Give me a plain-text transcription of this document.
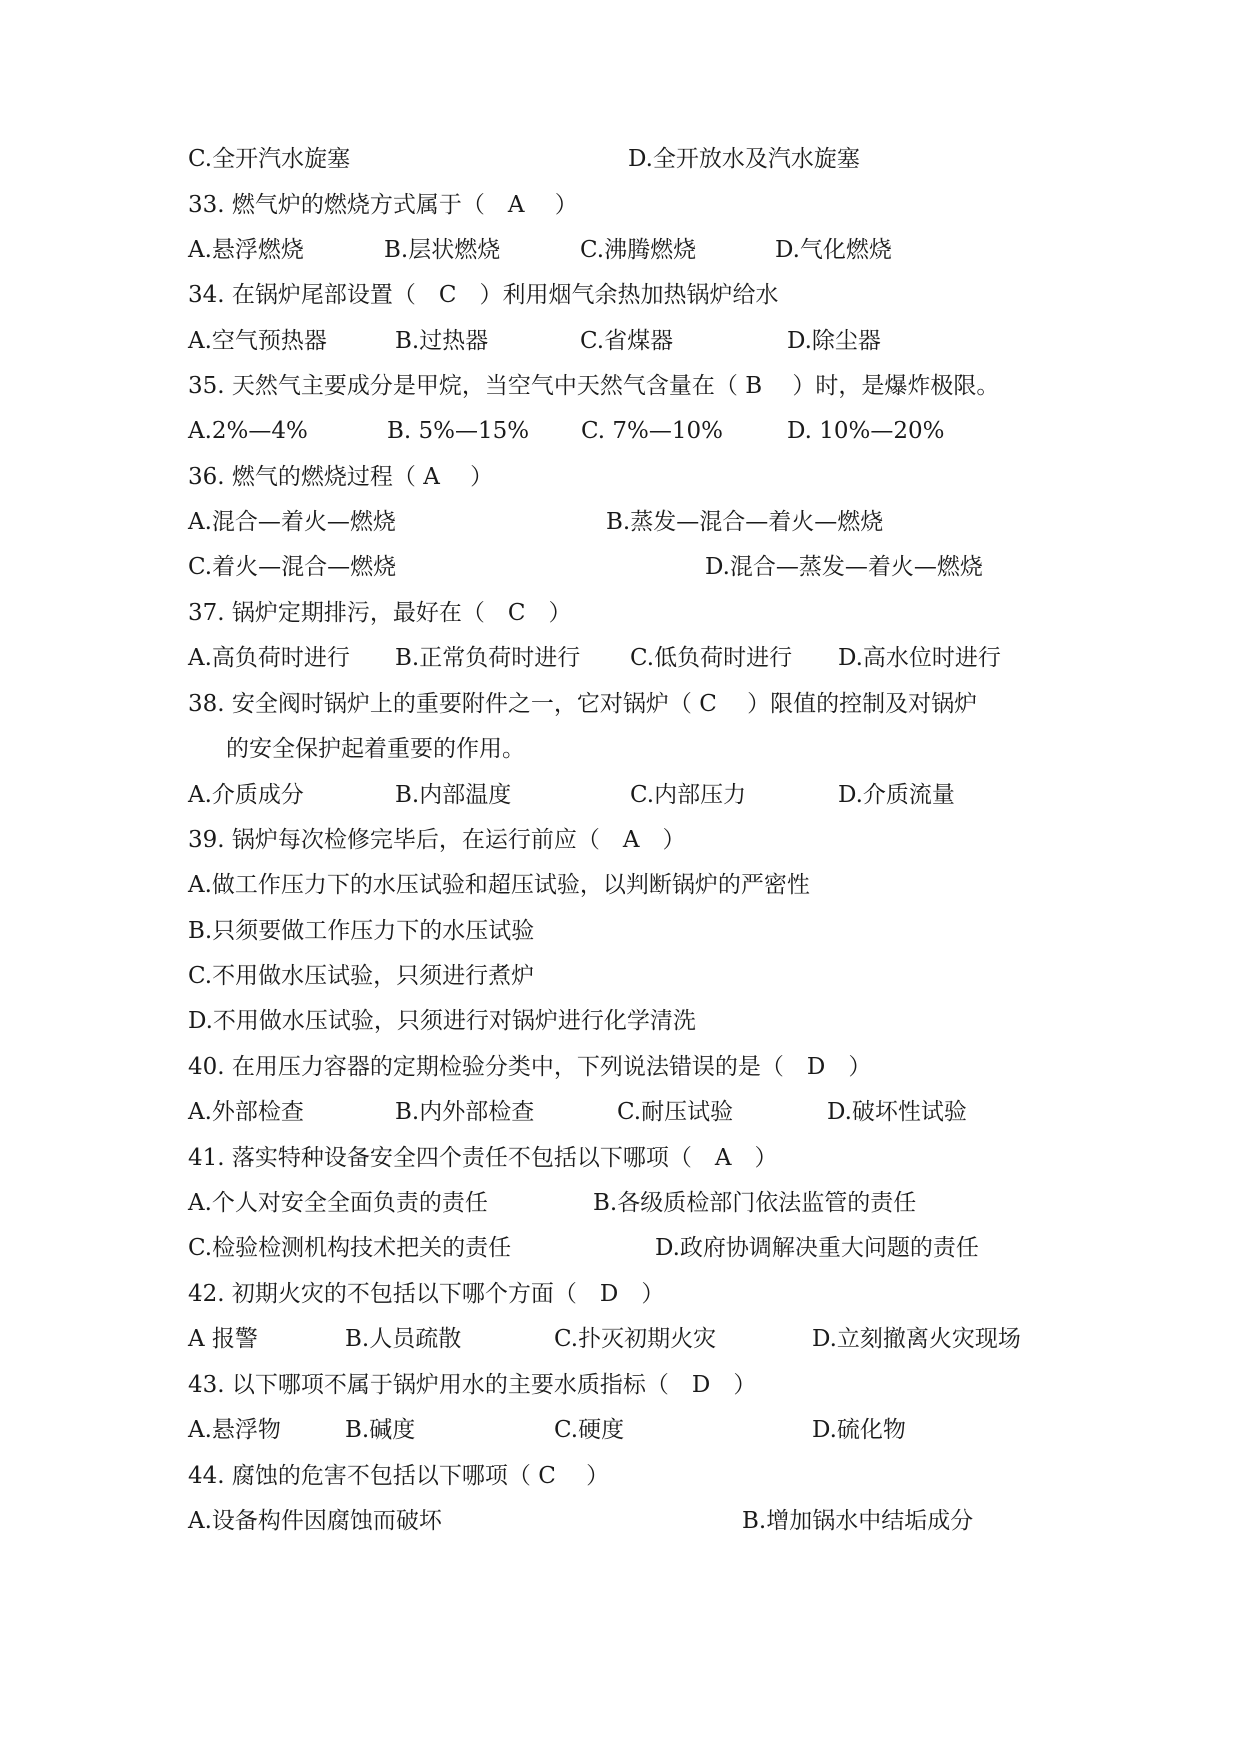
C.全开汽水旋塞	D.全开放水及汽水旋塞
33. 燃气炉的燃烧方式属于（　A　 ）
A.悬浮燃烧	B.层状燃烧	C.沸腾燃烧	D.气化燃烧
34. 在锅炉尾部设置（　C　）利用烟气余热加热锅炉给水
A.空气预热器	B.过热器	C.省煤器	D.除尘器
35. 天然气主要成分是甲烷，当空气中天然气含量在（ B　 ）时，是爆炸极限。
A.2%—4%	B. 5%—15% C. 7%—10%	D. 10%—20%
36. 燃气的燃烧过程（ A　 ）
A.混合—着火—燃烧	B.蒸发—混合—着火—燃烧
C.着火—混合—燃烧	D.混合—蒸发—着火—燃烧
37. 锅炉定期排污，最好在（　C　）
A.高负荷时进行 B.正常负荷时进行 C.低负荷时进行 D.高水位时进行
38. 安全阀时锅炉上的重要附件之一，它对锅炉（ C　 ）限值的控制及对锅炉
的安全保护起着重要的作用。
A.介质成分	B.内部温度	C.内部压力	D.介质流量
39. 锅炉每次检修完毕后，在运行前应（　A　）
A.做工作压力下的水压试验和超压试验，以判断锅炉的严密性
B.只须要做工作压力下的水压试验
C.不用做水压试验，只须进行煮炉
D.不用做水压试验，只须进行对锅炉进行化学清洗
40. 在用压力容器的定期检验分类中，下列说法错误的是（　D　）
A.外部检查	B.内外部检查	C.耐压试验	D.破坏性试验
41. 落实特种设备安全四个责任不包括以下哪项（　A　）
A.个人对安全全面负责的责任	B.各级质检部门依法监管的责任
C.检验检测机构技术把关的责任	D.政府协调解决重大问题的责任
42. 初期火灾的不包括以下哪个方面（　D　）
A 报警	B.人员疏散	C.扑灭初期火灾	D.立刻撤离火灾现场
43. 以下哪项不属于锅炉用水的主要水质指标（　D　）
A.悬浮物	B.碱度	C.硬度	D.硫化物
44. 腐蚀的危害不包括以下哪项（ C　 ）
A.设备构件因腐蚀而破坏	B.增加锅水中结垢成分
